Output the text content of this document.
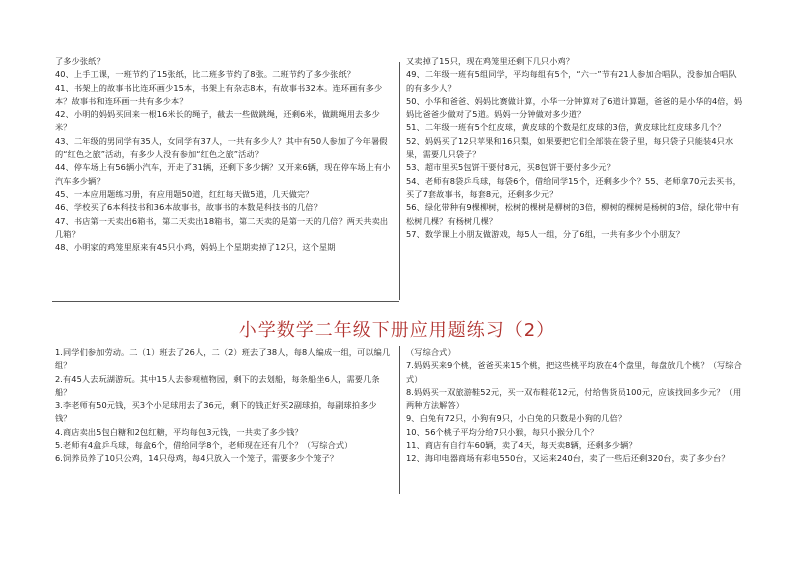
了多少张纸？

40、上手工课，一班节约了15张纸，比二班多节约了8张。二班节约了多少张纸？

41、书架上的故事书比连环画少15本，书架上有杂志8本，有故事书32本。连环画有多少本？故事书和连环画一共有多少本？

42、小明的妈妈买回来一根16米长的绳子，截去一些做跳绳，还剩6米，做跳绳用去多少米？

43、二年级的男同学有35人，女同学有37人，一共有多少人？其中有50人参加了今年暑假的“红色之旅”活动，有多少人没有参加“红色之旅”活动？

44、停车场上有56辆小汽车，开走了31辆，还剩下多少辆？又开来6辆，现在停车场上有小汽车多少辆？

45、一本应用题练习册，有应用题50道，红红每天做5道，几天做完？

46、学校买了6本科技书和36本故事书，故事书的本数是科技书的几倍？

47、书店第一天卖出6箱书，第二天卖出18箱书，第二天卖的是第一天的几倍？两天共卖出几箱？

48、小明家的鸡笼里原来有45只小鸡，妈妈上个星期卖掉了12只，这个星期

又卖掉了15只，现在鸡笼里还剩下几只小鸡？

49、二年级一班有5组同学，平均每组有5个，“六一”节有21人参加合唱队，没参加合唱队的有多少人？

50、小华和爸爸、妈妈比赛做计算，小华一分钟算对了6道计算题，爸爸的是小华的4倍，妈妈比爸爸少做对了5道。妈妈一分钟做对多少道？

51、二年级一班有5个红皮球，黄皮球的个数是红皮球的3倍，黄皮球比红皮球多几个？

52、妈妈买了12只苹果和16只梨，如果要把它们全部装在袋子里，每只袋子只能装4只水果，需要几只袋子？

53、超市里买5包饼干要付8元，买8包饼干要付多少元？

54、老师有8袋乒乓球，每袋6个，借给同学15个，还剩多少个？55、老师拿70元去买书，买了7套故事书，每套8元，还剩多少元？

56、绿化带种有9棵柳树，松树的棵树是柳树的3倍，柳树的棵树是杨树的3倍，绿化带中有松树几棵？有杨树几棵？

57、数学课上小朋友做游戏，每5人一组，分了6组，一共有多少个小朋友？

小学数学二年级下册应用题练习（2）

1.同学们参加劳动。二（1）班去了26人，二（2）班去了38人，每8人编成一组，可以编几组？

2.有45人去玩湖游玩。其中15人去参观植物园，剩下的去划船，每条船坐6人，需要几条船？

3.李老师有50元钱，买3个小足球用去了36元，剩下的钱正好买2副球拍，每副球拍多少钱？

4.商店卖出5包白糖和2包红糖，平均每包3元钱，一共卖了多少钱？

5.老师有4盒乒乓球，每盒6个，借给同学8个，老师现在还有几个？（写综合式）

6.饲养员养了10只公鸡，14只母鸡，每4只放入一个笼子，需要多少个笼子？

（写综合式）

7.妈妈买来9个桃，爸爸买来15个桃，把这些桃平均放在4个盘里，每盘放几个桃？（写综合式）

8.妈妈买一双旅游鞋52元，买一双布鞋花12元，付给售货员100元，应该找回多少元？（用两种方法解答）

9、白兔有72只，小狗有9只，小白兔的只数是小狗的几倍？

10、56个桃子平均分给7只小猴，每只小猴分几个？

11、商店有自行车60辆，卖了4天，每天卖8辆，还剩多少辆？

12、海印电器商场有彩电550台，又运来240台，卖了一些后还剩320台，卖了多少台？
